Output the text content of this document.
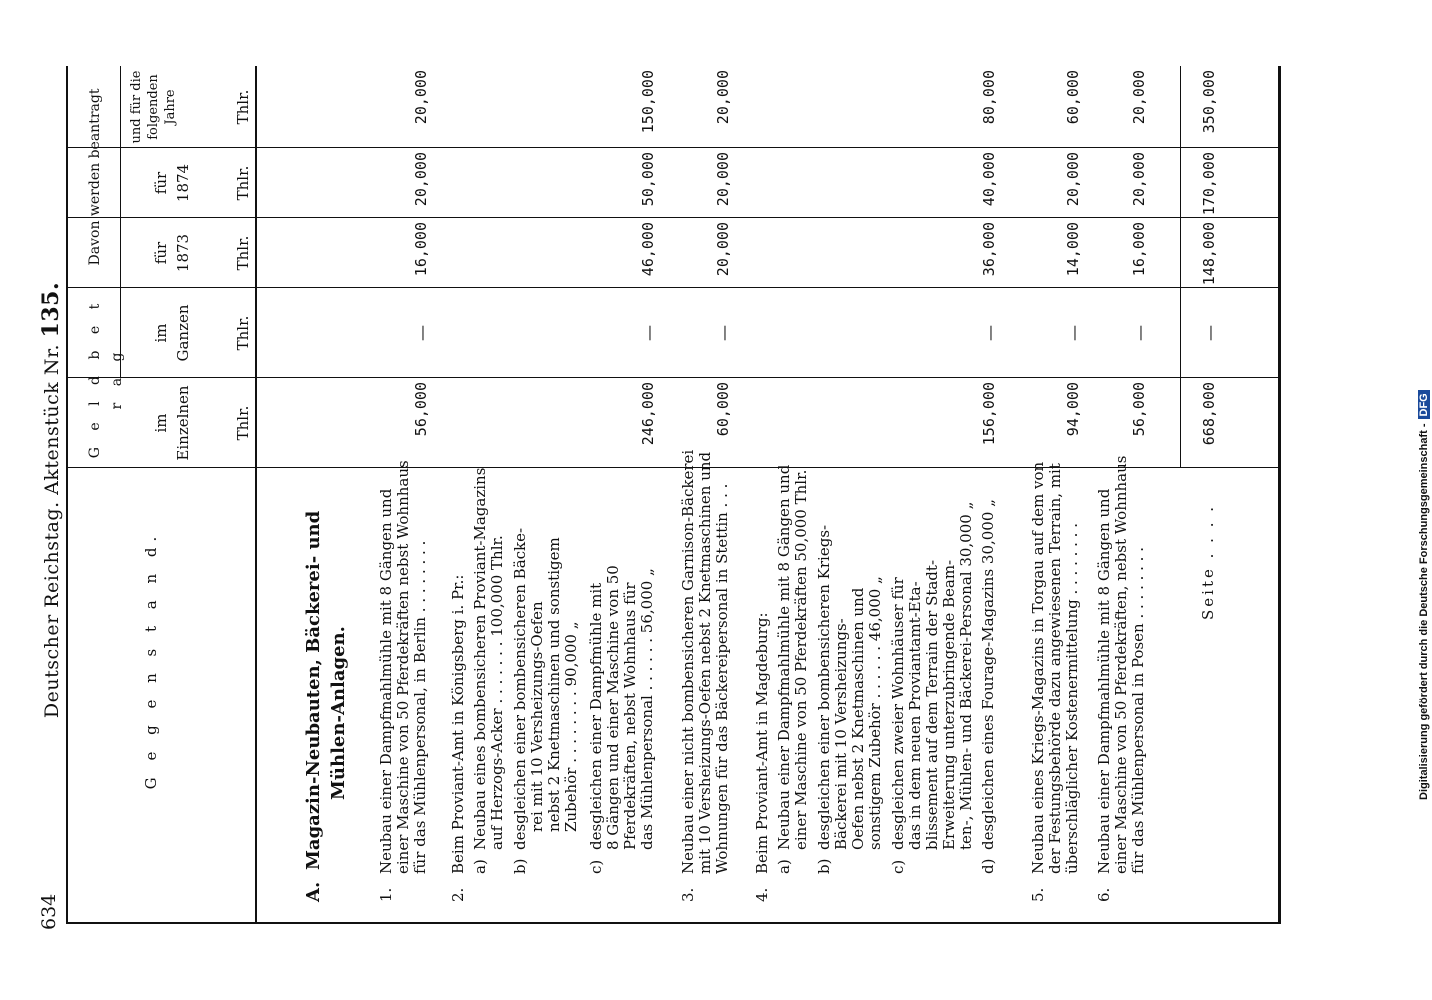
634
Deutscher Reichstag. Aktenstück Nr. 135.
G e g e n s t a n d.
G e l d b e t r a g
im Einzelnen
im Ganzen
Davon werden beantragt	für 1873
für 1874
und für die folgenden Jahre
Thlr.
Thlr.
Thlr.
Thlr.
Thlr.
A.
Magazin-Neubauten, Bäckerei- und Mühlen-Anlagen.
1.
Neubau einer Dampfmahlmühle mit 8 Gängen und einer Maschine von 50 Pferdekräften nebst Wohnhaus für das Mühlenpersonal, in Berlin . . . . . . . .
56,000
—
16,000
20,000
20,000
2.
Beim Proviant-Amt in Königsberg i. Pr.: a)
Neubau eines bombensicheren Proviant-Magazins auf Herzogs-Acker . . . . . . . 100,000 Thlr.
b)
desgleichen einer bombensicheren Bäcke- rei mit 10 Versheizungs-Oefen nebst 2 Knetmaschinen und sonstigem Zubehör . . . . . . . . 90,000 „
c)
desgleichen einer Dampfmühle mit 8 Gängen und einer Maschine von 50 Pferdekräften, nebst Wohnhaus für das Mühlenpersonal . . . . . . 56,000 „
246,000
—
46,000
50,000
150,000
3.
Neubau einer nicht bombensicheren Garnison-Bäckerei mit 10 Versheizungs-Oefen nebst 2 Knetmaschinen und Wohnungen für das Bäckereipersonal in Stettin . . .
60,000
—
20,000
20,000
20,000
4.
Beim Proviant-Amt in Magdeburg: a)
Neubau einer Dampfmahlmühle mit 8 Gängen und einer Maschine von 50 Pferdekräften 50,000 Thlr.
b)
desgleichen einer bombensicheren Kriegs- Bäckerei mit 10 Versheizungs- Oefen nebst 2 Knetmaschinen und sonstigem Zubehör . . . . . . 46,000 „
c)
desgleichen zweier Wohnhäuser für das in dem neuen Proviantamt-Eta- blissement auf dem Terrain der Stadt- Erweiterung unterzubringende Beam- ten-, Mühlen- und Bäckerei-Personal 30,000 „
d)
desgleichen eines Fourage-Magazins 30,000 „
156,000
—
36,000
40,000
80,000
5.
Neubau eines Kriegs-Magazins in Torgau auf dem von der Festungsbehörde dazu angewiesenen Terrain, mit überschläglicher Kostenermittelung . . . . . . . .
94,000
—
14,000
20,000
60,000
6.
Neubau einer Dampfmahlmühle mit 8 Gängen und einer Maschine von 50 Pferdekräften, nebst Wohnhaus für das Mühlenpersonal in Posen . . . . . . . .
56,000
—
16,000
20,000
20,000
Seite . . . .
668,000
—
148,000
170,000
350,000
Digitalisierung gefördert durch die Deutsche Forschungsgemeinschaft -DFG
